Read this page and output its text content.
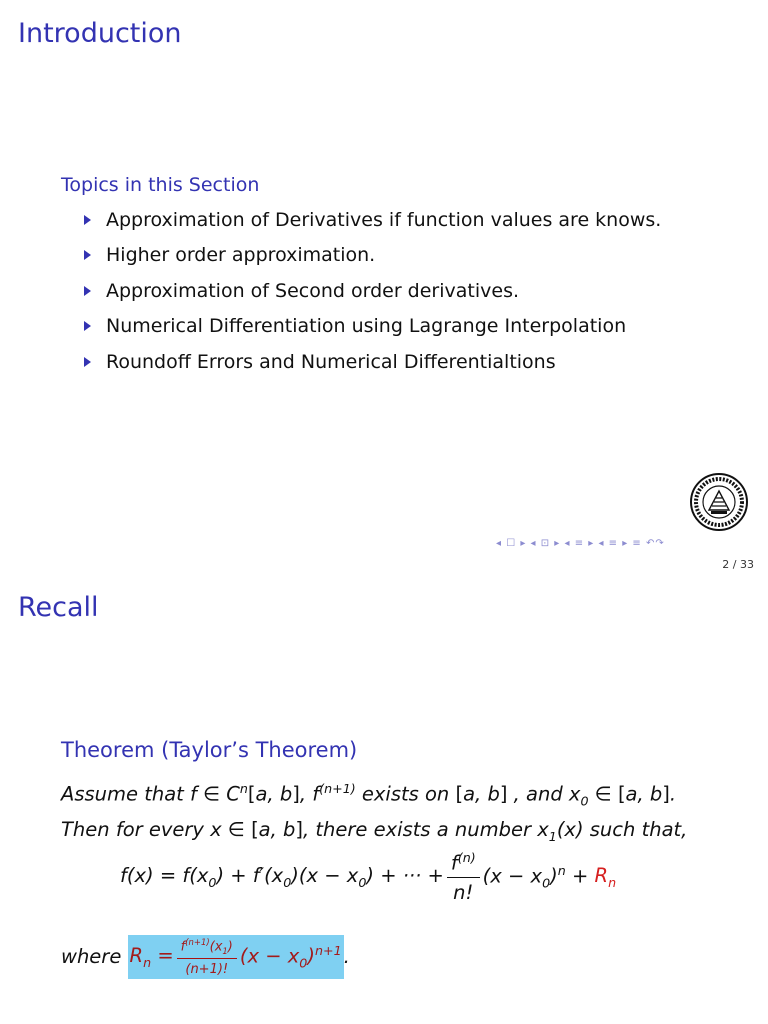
Introduction
Topics in this Section
Approximation of Derivatives if function values are knows.
Higher order approximation.
Approximation of Second order derivatives.
Numerical Differentiation using Lagrange Interpolation
Roundoff Errors and Numerical Differentialtions
◂ ☐ ▸ ◂ ⊡ ▸ ◂ ≡ ▸ ◂ ≡ ▸ ≡ ↶↷
2 / 33
Recall
Theorem (Taylor’s Theorem)
Assume that f ∈ $C^n[a$, b], $f^{(n+1)}$ exists on [a, b] , and $x_0$ ∈ [a, b].
Then for every x ∈ [a, b], there exists a number $x_1(x)$ such that,
$f(x) = f(x_0) + f'(x_0)(x - x_0)$ + ··· + $\frac{f^{(n)}}{n!} (x - x_0)^n + R_n$
where $R_n = \frac{f^{(n+1)}(x_1)}{(n+1)!} (x - x_0)^{n+1}$ .
